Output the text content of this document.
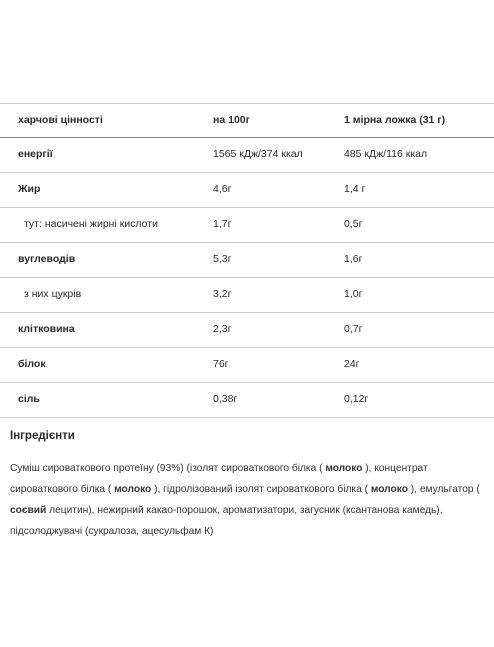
харчові цінності	на 100г	1 мірна ложка (31 г)
енергії	1565 кДж/374 ккал	485 кДж/116 ккал
Жир	4,6г	1,4 г
тут: насичені жирні кислоти	1,7г	0,5г
вуглеводів	5,3г	1,6г
з них цукрів	3,2г	1,0г
клітковина	2,3г	0,7г
білок	76г	24г
сіль	0,38г	0,12г
Інгредієнти

Суміш сироваткового протеїну (93%) (ізолят сироваткового білка ( молоко ), концентрат сироваткового білка ( молоко ), гідролізований ізолят сироваткового білка ( молоко ), емульгатор ( соєвий лецитин), нежирний какао-порошок, ароматизатори, загусник (ксантанова камедь), підсолоджувачі (сукралоза, ацесульфам К)
